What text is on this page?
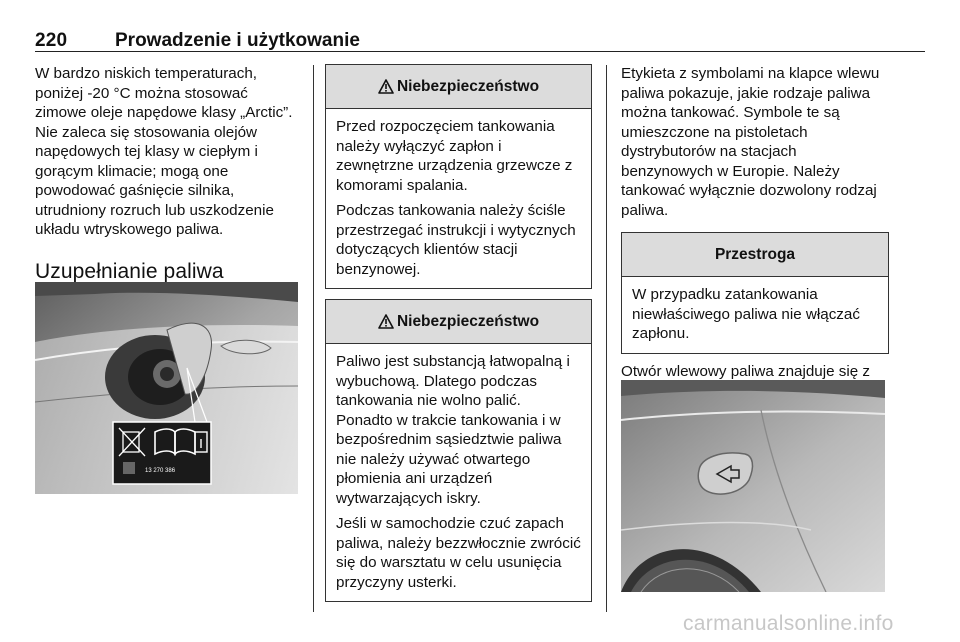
220	Prowadzenie i użytkowanie

W bardzo niskich temperaturach, poniżej -20 °C można stosować zimowe oleje napędowe klasy „Arctic”. Nie zaleca się stosowania olejów napędowych tej klasy w ciepłym i gorącym klimacie; mogą one powodować gaśnięcie silnika, utrudniony rozruch lub uszkodzenie układu wtryskowego paliwa.

Uzupełnianie paliwa
13 270 386
Niebezpieczeństwo

Przed rozpoczęciem tankowania należy wyłączyć zapłon i zewnętrzne urządzenia grzewcze z komorami spalania.

Podczas tankowania należy ściśle przestrzegać instrukcji i wytycznych dotyczących klientów stacji benzynowej.

Niebezpieczeństwo

Paliwo jest substancją łatwopalną i wybuchową. Dlatego podczas tankowania nie wolno palić. Ponadto w trakcie tankowania i w bezpośrednim sąsiedztwie paliwa nie należy używać otwartego płomienia ani urządzeń wytwarzających iskry.

Jeśli w samochodzie czuć zapach paliwa, należy bezzwłocznie zwrócić się do warsztatu w celu usunięcia przyczyny usterki.

Etykieta z symbolami na klapce wlewu paliwa pokazuje, jakie rodzaje paliwa można tankować. Symbole te są umieszczone na pistoletach dystrybutorów na stacjach benzynowych w Europie. Należy tankować wyłącznie dozwolony rodzaj paliwa.

Przestroga

W przypadku zatankowania niewłaściwego paliwa nie włączać zapłonu.

Otwór wlewowy paliwa znajduje się z

carmanualsonline.info
